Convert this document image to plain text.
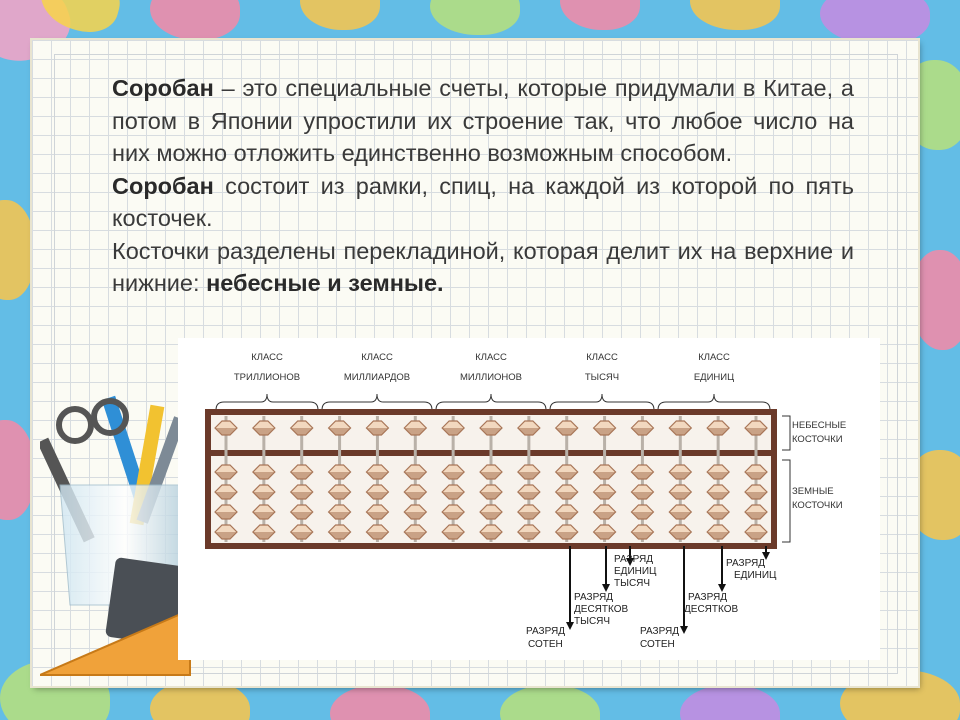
Соробан – это специальные счеты, которые придумали в Китае, а потом в Японии упростили их строение так, что любое число на них можно отложить единственно возможным способом.

Соробан состоит из рамки, спиц, на каждой из которой по пять косточек.

Косточки разделены перекладиной, которая делит их на верхние и нижние: небесные и земные.

КЛАСС
ТРИЛЛИОНОВ
КЛАСС
МИЛЛИАРДОВ
КЛАСС
МИЛЛИОНОВ
КЛАСС
ТЫСЯЧ
КЛАСС
ЕДИНИЦ
НЕБЕСНЫЕ
КОСТОЧКИ
ЗЕМНЫЕ
КОСТОЧКИ
РАЗРЯД
СОТЕН
РАЗРЯД
ДЕСЯТКОВ
ТЫСЯЧ
РАЗРЯД
ЕДИНИЦ
ТЫСЯЧ
РАЗРЯД
СОТЕН
РАЗРЯД
ДЕСЯТКОВ
РАЗРЯД
ЕДИНИЦ
